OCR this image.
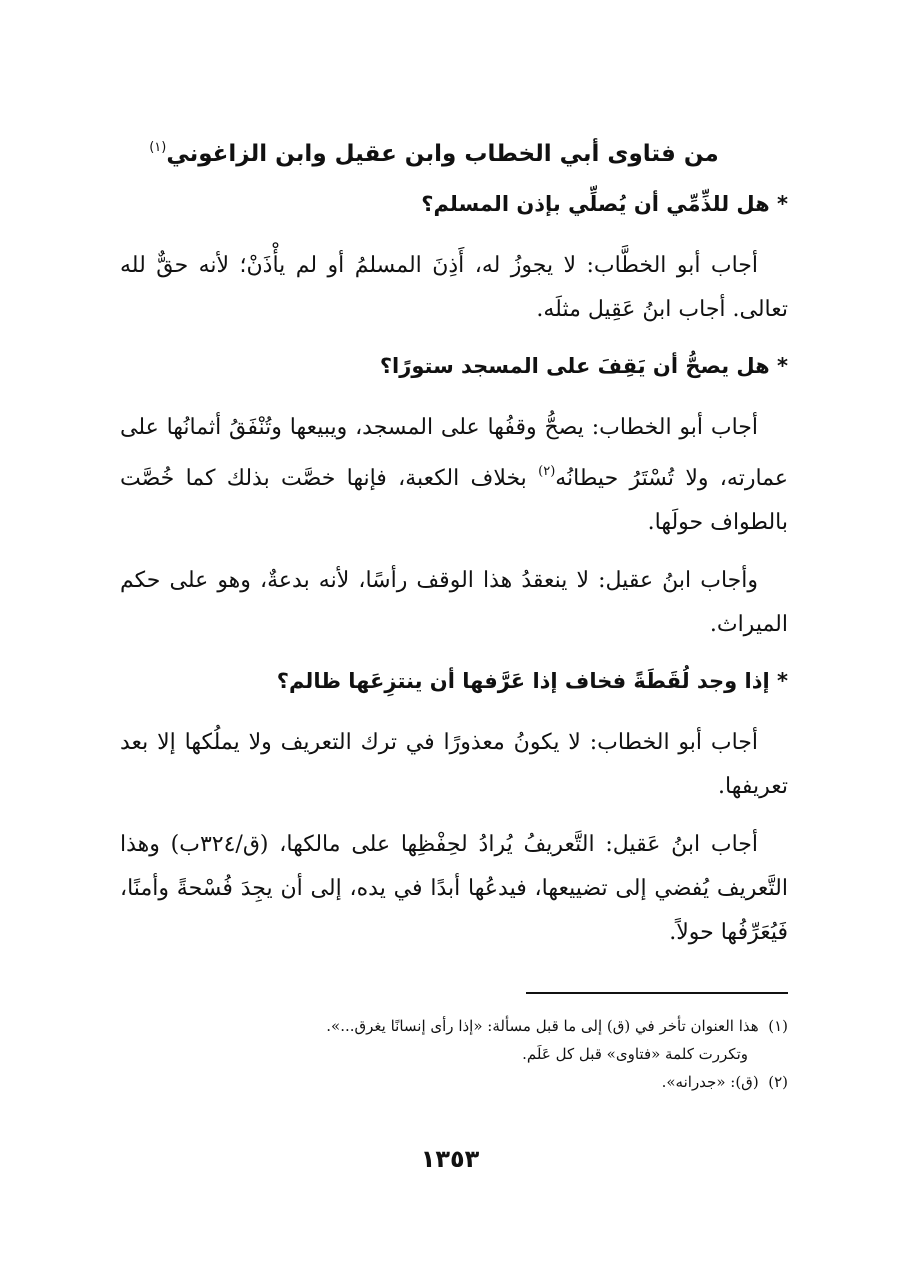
من فتاوى أبي الخطاب وابن عقيل وابن الزاغوني$^{(١)}$
* هل للذِّمِّي أن يُصلِّي بإذن المسلم؟

أجاب أبو الخطَّاب: لا يجوزُ له، أَذِنَ المسلمُ أو لم يأْذَنْ؛ لأنه حقٌّ لله تعالى. أجاب ابنُ عَقِيل مثلَه.

* هل يصحُّ أن يَقِفَ على المسجد ستورًا؟

أجاب أبو الخطاب: يصحُّ وقفُها على المسجد، ويبيعها وتُنْفَقُ أثمانُها على عمارته، ولا تُسْتَرُ حيطانُه$^{(٢)}$ بخلاف الكعبة، فإنها خصَّت بذلك كما خُصَّت بالطواف حولَها.

وأجاب ابنُ عقيل: لا ينعقدُ هذا الوقف رأسًا، لأنه بدعةٌ، وهو على حكم الميراث.

* إذا وجد لُقَطَةً فخاف إذا عَرَّفها أن ينتزِعَها ظالم؟

أجاب أبو الخطاب: لا يكونُ معذورًا في ترك التعريف ولا يملُكها إلا بعد تعريفها.

أجاب ابنُ عَقيل: التَّعريفُ يُرادُ لحِفْظِها على مالكها، (ق/٣٢٤ب) وهذا التَّعريف يُفضي إلى تضييعها، فيدعُها أبدًا في يده، إلى أن يجِدَ فُسْحةً وأمنًا، فَيُعَرِّفُها حولاً.

(١)  هذا العنوان تأخر في (ق) إلى ما قبل مسألة: «إذا رأى إنسانًا يغرق...».
وتكررت كلمة «فتاوى» قبل كل عَلَم.

(٢)  (ق): «جدرانه».

١٣٥٣
